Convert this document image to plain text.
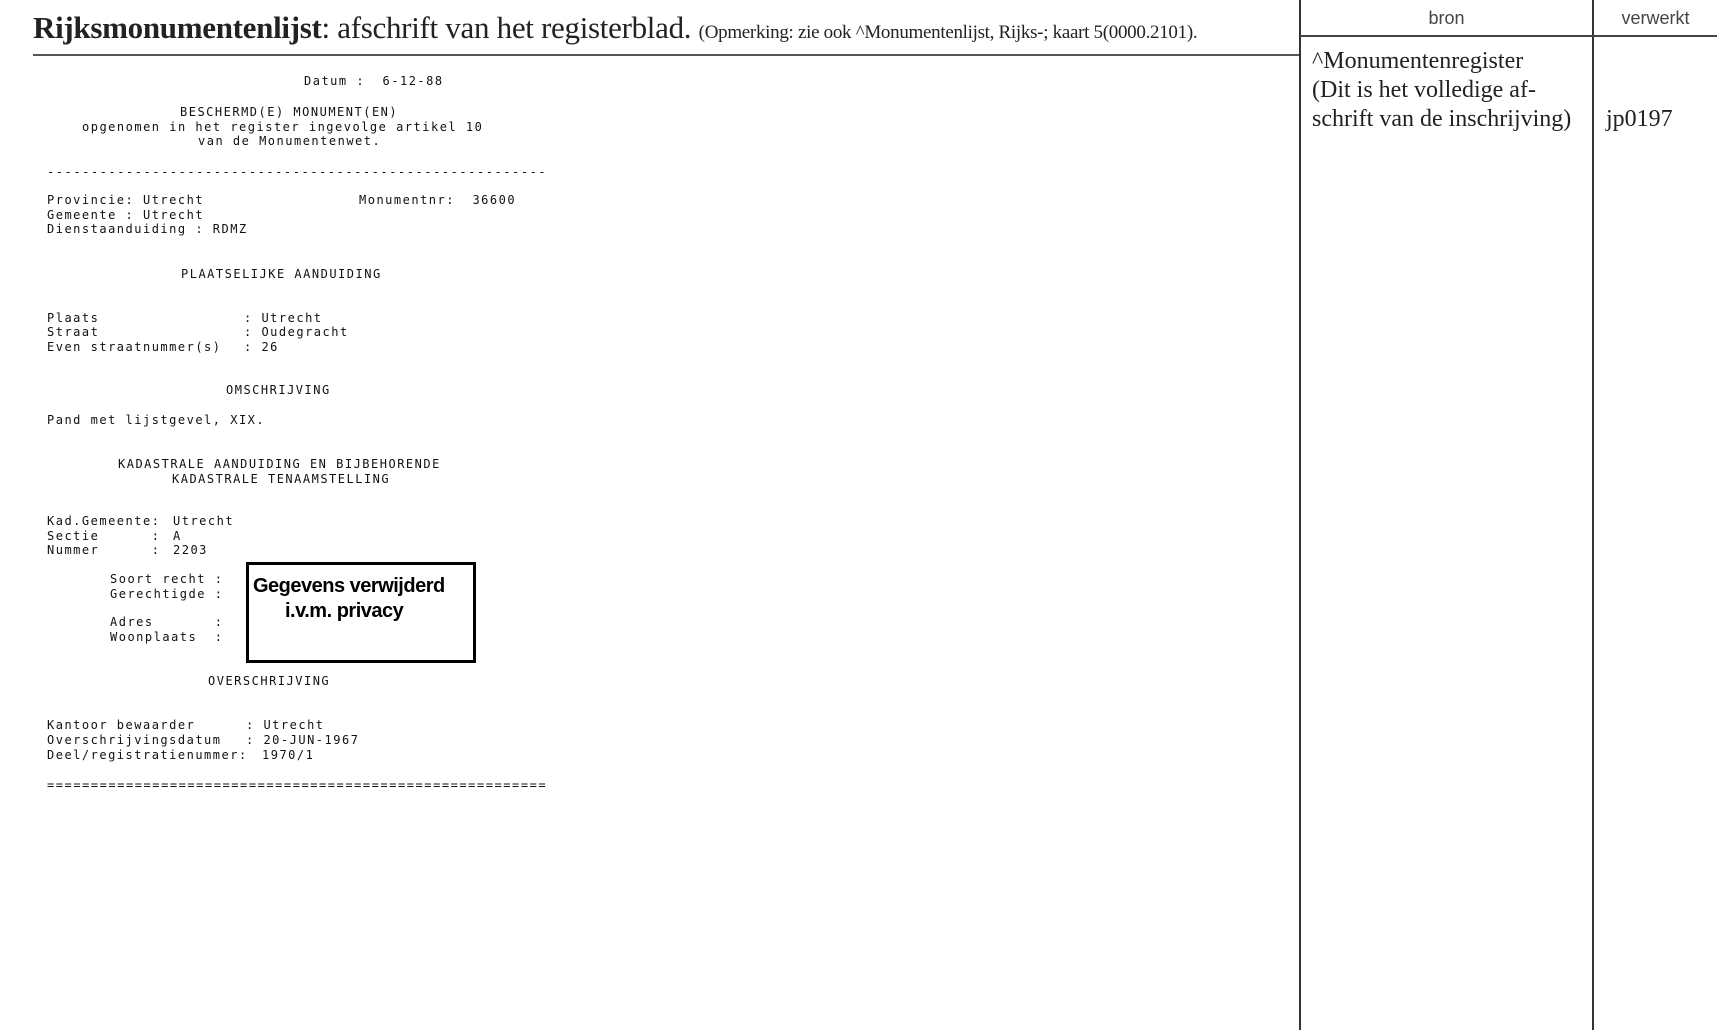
Rijksmonumentenlijst: afschrift van het registerblad. (Opmerking: zie ook ^Monumentenlijst, Rijks-; kaart 5(0000.2101).
Datum : 6-12-88
BESCHERMD(E) MONUMENT(EN)
opgenomen in het register ingevolge artikel 10
van de Monumentenwet.
---------------------------------------------------------
Provincie: Utrecht	Monumentnr: 36600
Gemeente : Utrecht
Dienstaanduiding : RDMZ
PLAATSELIJKE AANDUIDING
Plaats	: Utrecht
Straat	: Oudegracht
Even straatnummer(s) : 26
OMSCHRIJVING
Pand met lijstgevel, XIX.
KADASTRALE AANDUIDING EN BIJBEHORENDE
KADASTRALE TENAAMSTELLING
Kad.Gemeente: Utrecht
Sectie      : A
Nummer      : 2203
Soort recht :
Gerechtigde :
Adres       :
Woonplaats  :
Gegevens verwijderd
i.v.m. privacy
OVERSCHRIJVING
Kantoor bewaarder	: Utrecht
Overschrijvingsdatum : 20-JUN-1967
Deel/registratienummer: 1970/1
=========================================================
bron	verwerkt
^Monumentenregister
(Dit is het volledige af-
schrift van de inschrijving) jp0197
